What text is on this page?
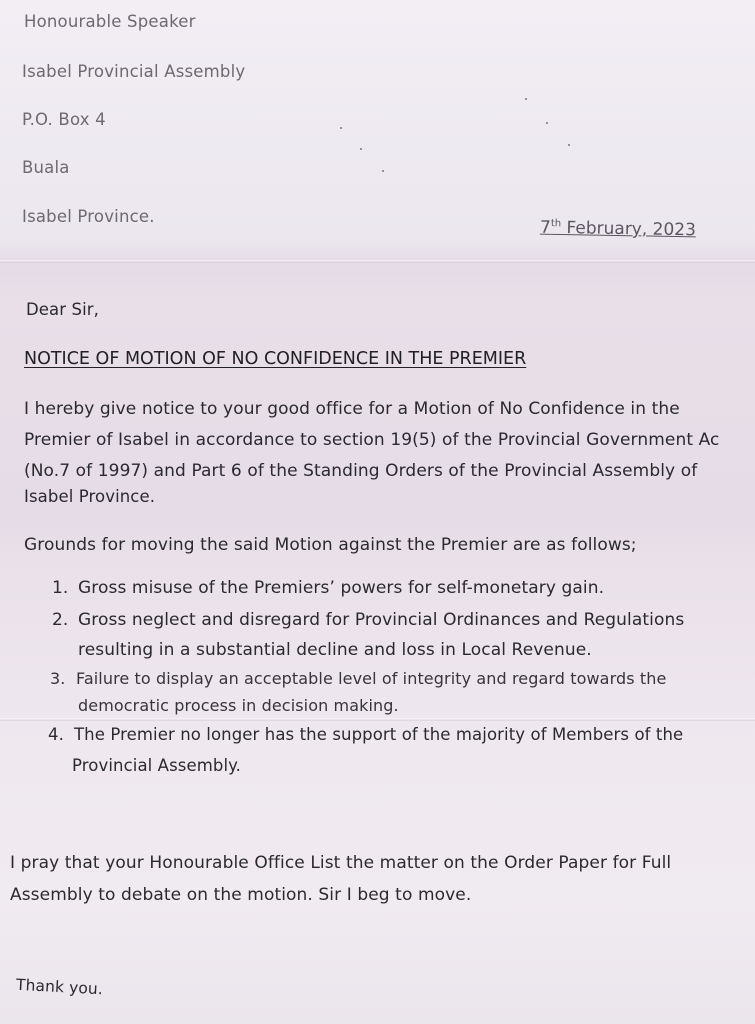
Honourable Speaker

Isabel Provincial Assembly

P.O. Box 4

Buala

Isabel Province.

7th February, 2023

Dear Sir,

NOTICE OF MOTION OF NO CONFIDENCE IN THE PREMIER

I hereby give notice to your good office for a Motion of No Confidence in the

Premier of Isabel in accordance to section 19(5) of the Provincial Government Ac

(No.7 of 1997) and Part 6 of the Standing Orders of the Provincial Assembly of

Isabel Province.

Grounds for moving the said Motion against the Premier are as follows;

1. Gross misuse of the Premiers’ powers for self-monetary gain.

2. Gross neglect and disregard for Provincial Ordinances and Regulations

resulting in a substantial decline and loss in Local Revenue.

3. Failure to display an acceptable level of integrity and regard towards the

democratic process in decision making.

4. The Premier no longer has the support of the majority of Members of the

Provincial Assembly.

I pray that your Honourable Office List the matter on the Order Paper for Full

Assembly to debate on the motion. Sir I beg to move.

Thank you.
